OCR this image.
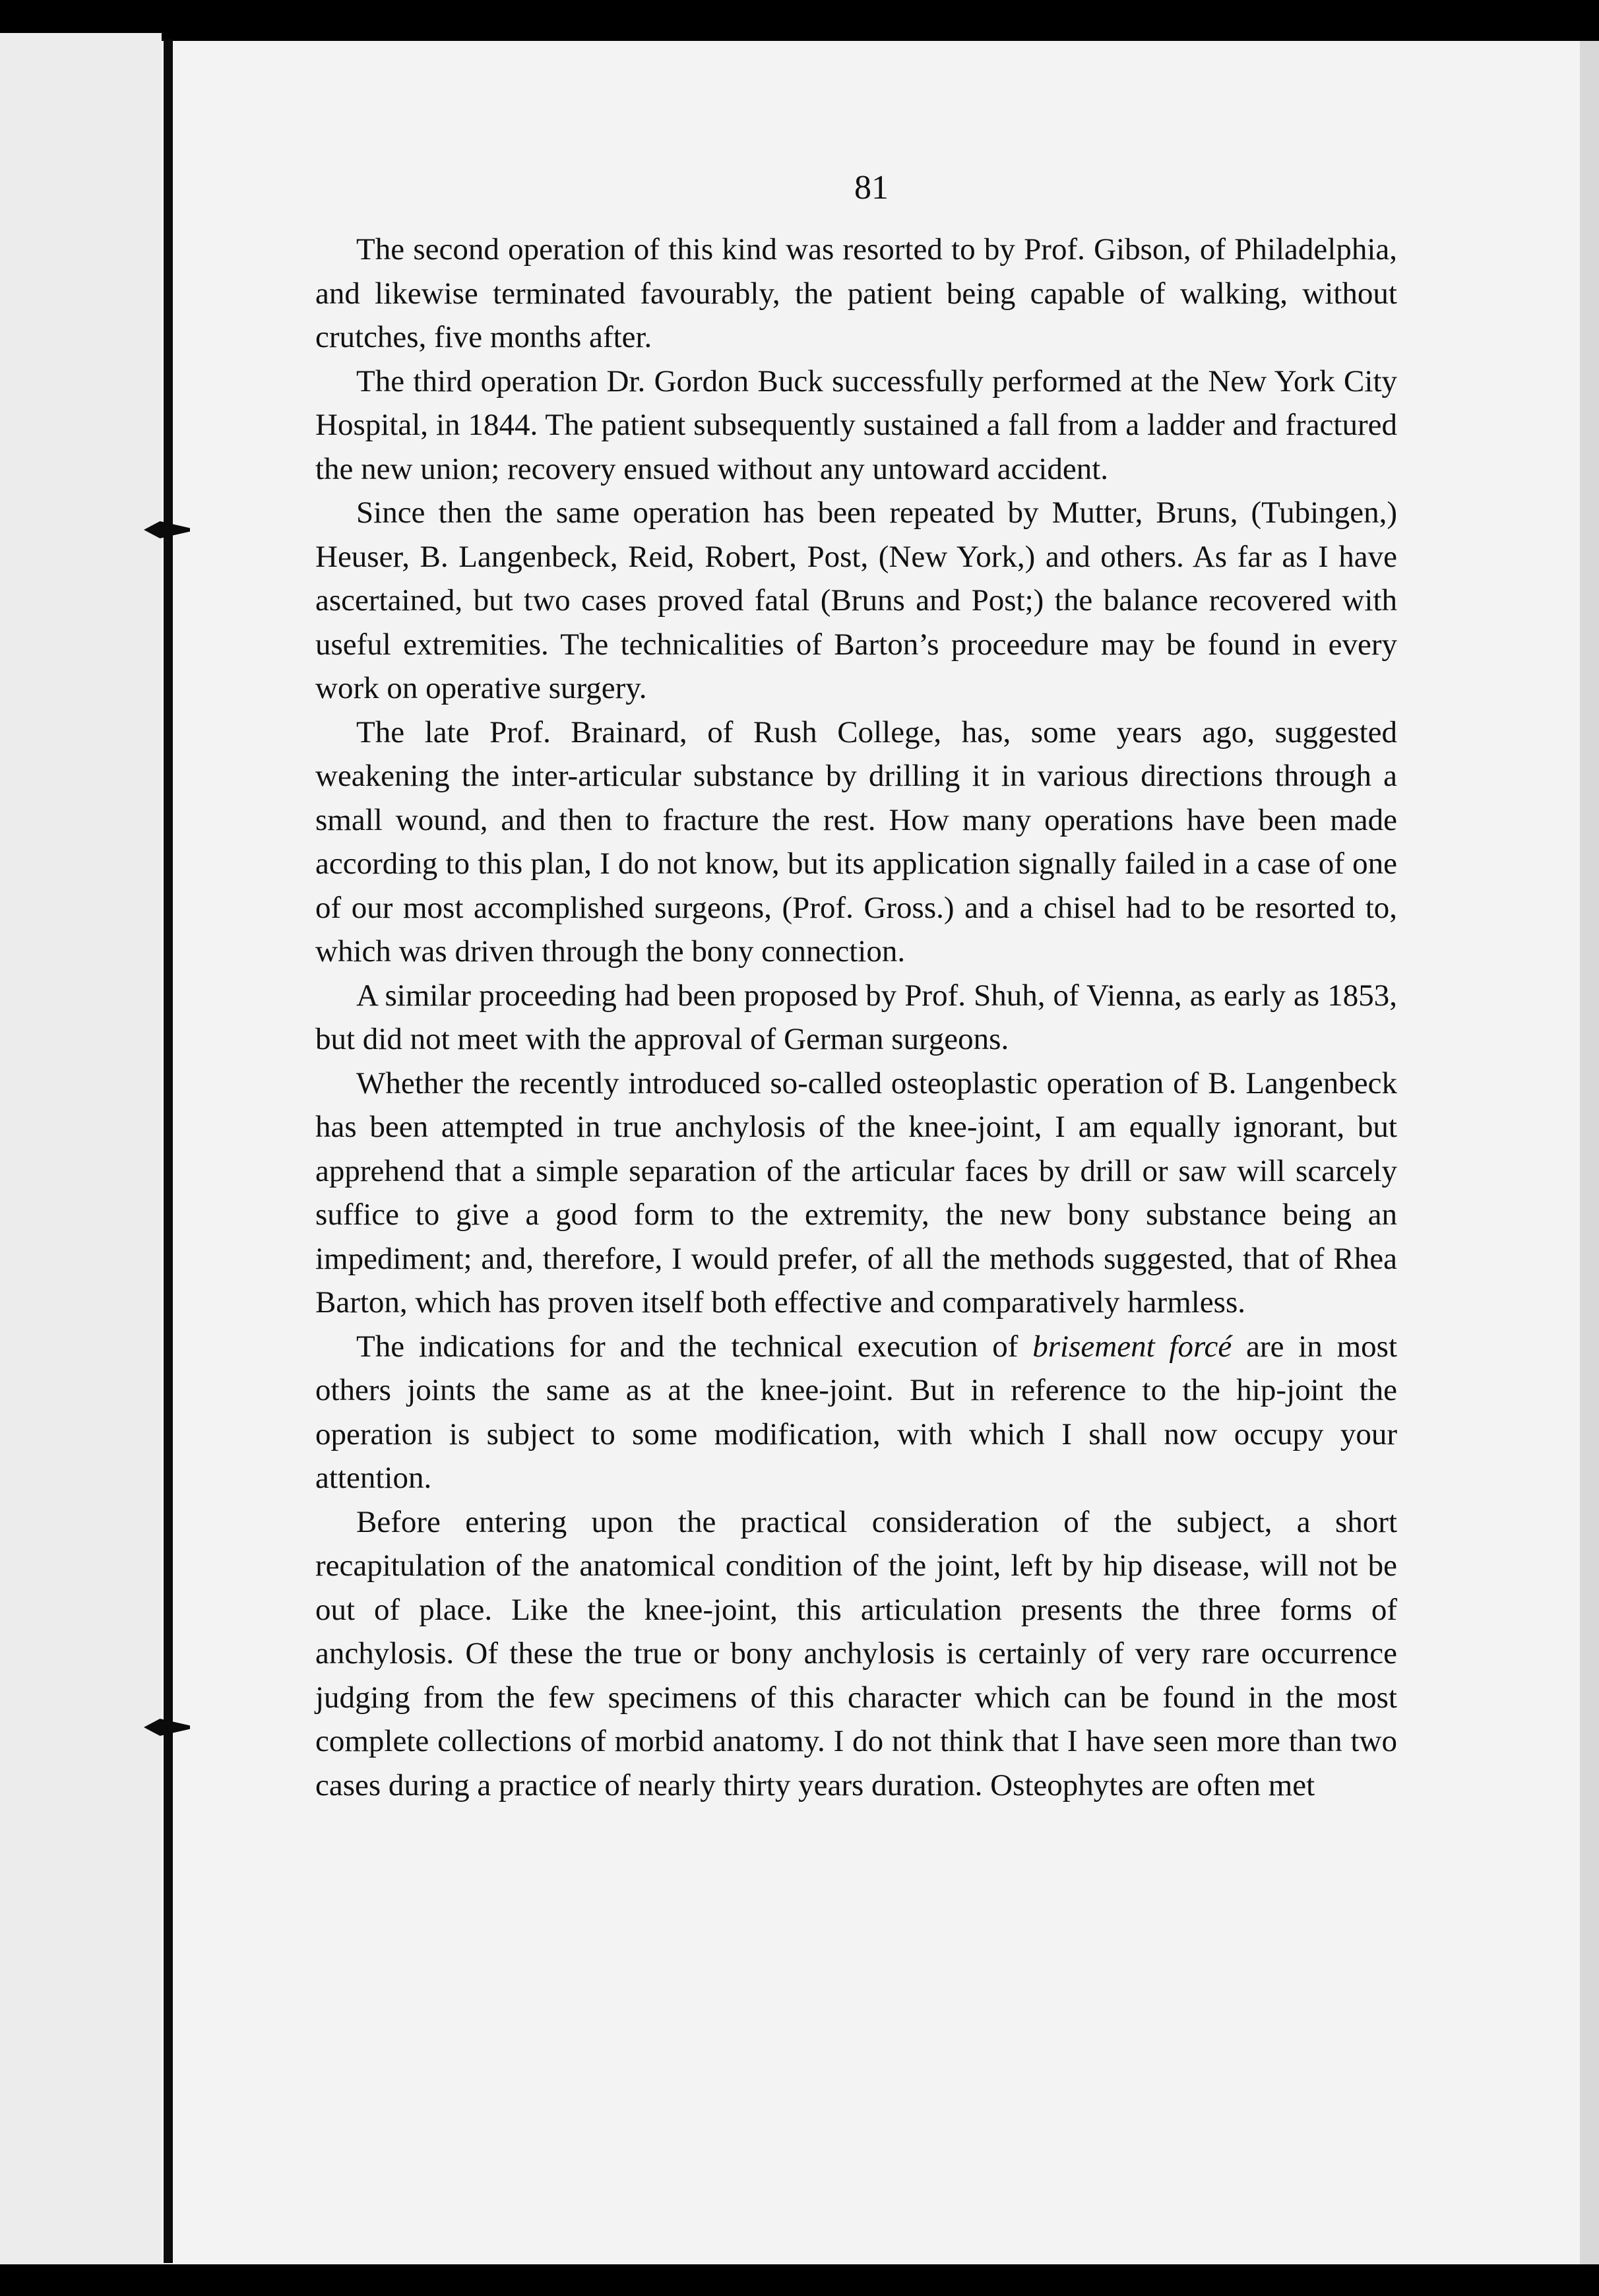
81

The second operation of this kind was resorted to by Prof. Gibson, of Philadelphia, and likewise terminated favourably, the patient being capable of walking, without crutches, five months after.

The third operation Dr. Gordon Buck successfully performed at the New York City Hospital, in 1844. The patient subsequently sustained a fall from a ladder and fractured the new union; recovery ensued without any untoward accident.

Since then the same operation has been repeated by Mutter, Bruns, (Tubingen,) Heuser, B. Langenbeck, Reid, Robert, Post, (New York,) and others. As far as I have ascertained, but two cases proved fatal (Bruns and Post;) the balance recovered with useful extremities. The technicalities of Barton’s proceedure may be found in every work on operative surgery.

The late Prof. Brainard, of Rush College, has, some years ago, suggested weakening the inter-articular substance by drilling it in various directions through a small wound, and then to fracture the rest. How many operations have been made according to this plan, I do not know, but its application signally failed in a case of one of our most accomplished surgeons, (Prof. Gross.) and a chisel had to be resorted to, which was driven through the bony connection.

A similar proceeding had been proposed by Prof. Shuh, of Vienna, as early as 1853, but did not meet with the approval of German surgeons.

Whether the recently introduced so-called osteoplastic operation of B. Langenbeck has been attempted in true anchylosis of the knee-joint, I am equally ignorant, but apprehend that a simple separation of the articular faces by drill or saw will scarcely suffice to give a good form to the extremity, the new bony substance being an impediment; and, therefore, I would prefer, of all the methods suggested, that of Rhea Barton, which has proven itself both effective and comparatively harmless.

The indications for and the technical execution of brisement forcé are in most others joints the same as at the knee-joint. But in reference to the hip-joint the operation is subject to some modification, with which I shall now occupy your attention.

Before entering upon the practical consideration of the subject, a short recapitulation of the anatomical condition of the joint, left by hip disease, will not be out of place. Like the knee-joint, this articulation presents the three forms of anchylosis. Of these the true or bony anchylosis is certainly of very rare occurrence judging from the few specimens of this character which can be found in the most complete collections of morbid anatomy. I do not think that I have seen more than two cases during a practice of nearly thirty years duration. Osteophytes are often met
